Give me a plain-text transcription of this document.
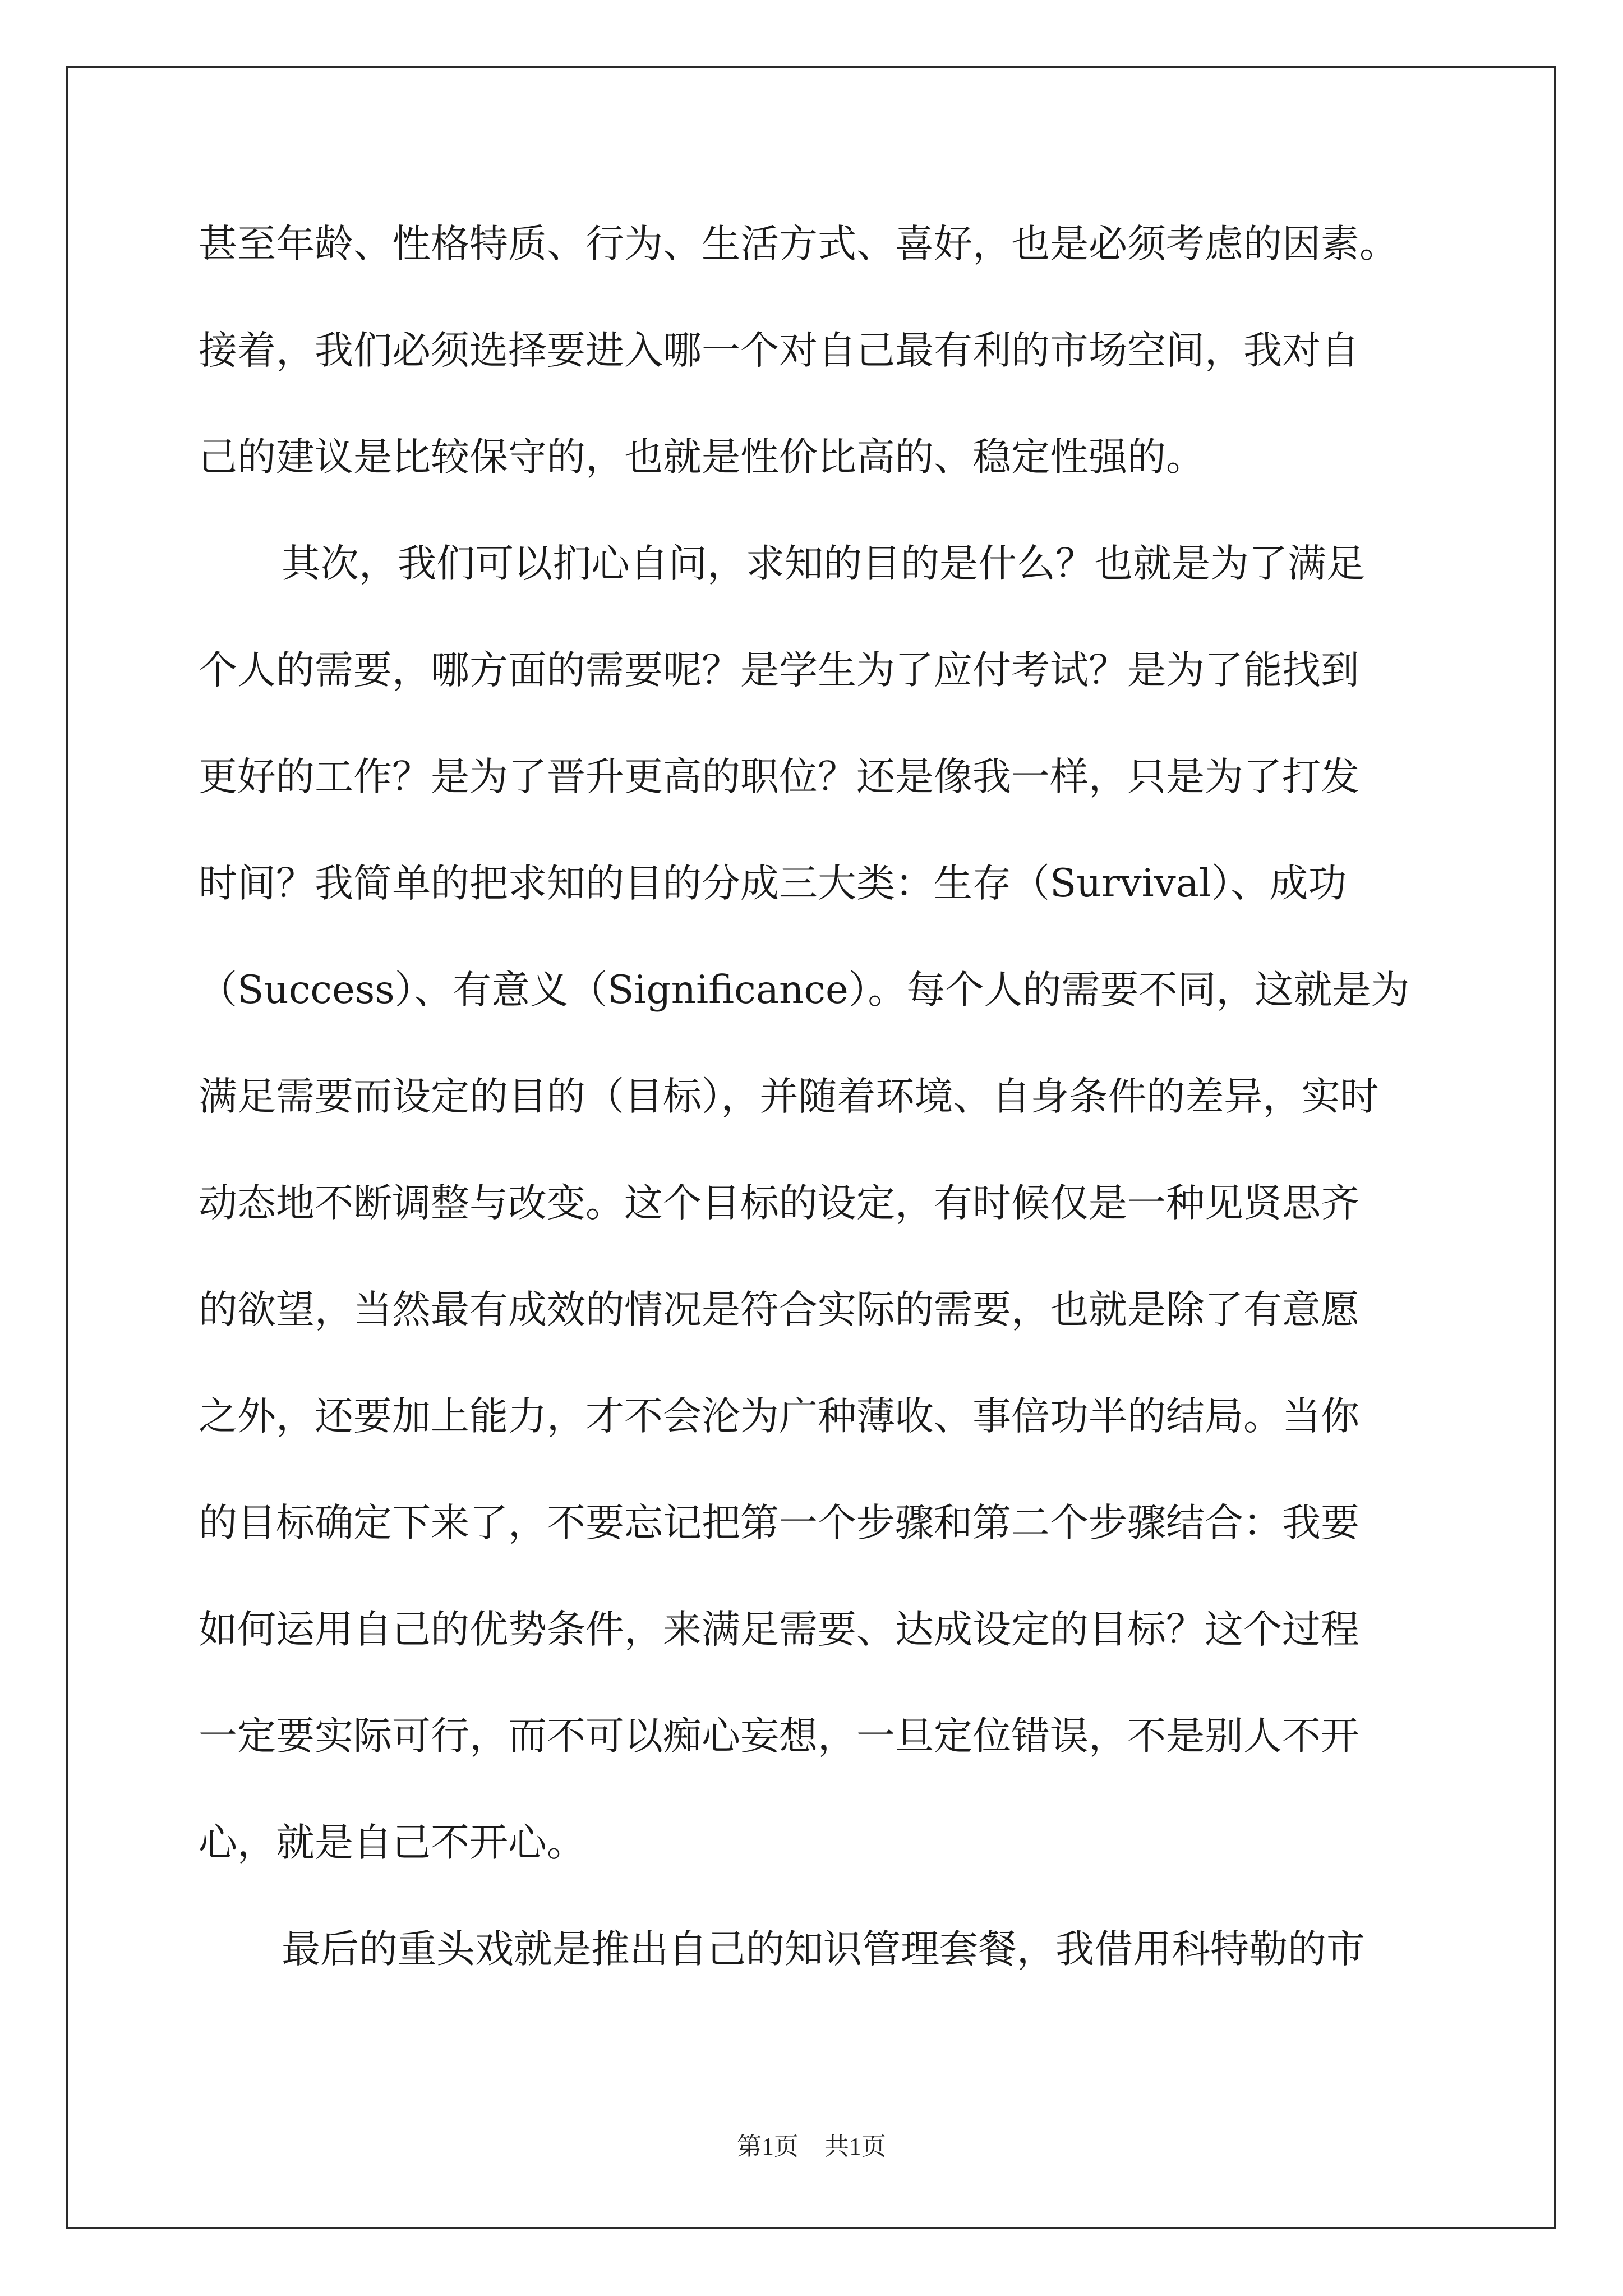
甚至年龄、性格特质、行为、生活方式、喜好，也是必须考虑的因素。
接着，我们必须选择要进入哪一个对自己最有利的市场空间，我对自
己的建议是比较保守的，也就是性价比高的、稳定性强的。
其次，我们可以扪心自问，求知的目的是什么？也就是为了满足
个人的需要，哪方面的需要呢？是学生为了应付考试？是为了能找到
更好的工作？是为了晋升更高的职位？还是像我一样，只是为了打发
时间？我简单的把求知的目的分成三大类：生存（Survival）、成功
（Success）、有意义（Significance）。每个人的需要不同，这就是为
满足需要而设定的目的（目标），并随着环境、自身条件的差异，实时
动态地不断调整与改变。这个目标的设定，有时候仅是一种见贤思齐
的欲望，当然最有成效的情况是符合实际的需要，也就是除了有意愿
之外，还要加上能力，才不会沦为广种薄收、事倍功半的结局。当你
的目标确定下来了，不要忘记把第一个步骤和第二个步骤结合：我要
如何运用自己的优势条件，来满足需要、达成设定的目标？这个过程
一定要实际可行，而不可以痴心妄想，一旦定位错误，不是别人不开
心，就是自己不开心。
最后的重头戏就是推出自己的知识管理套餐，我借用科特勒的市
第1页 共1页
